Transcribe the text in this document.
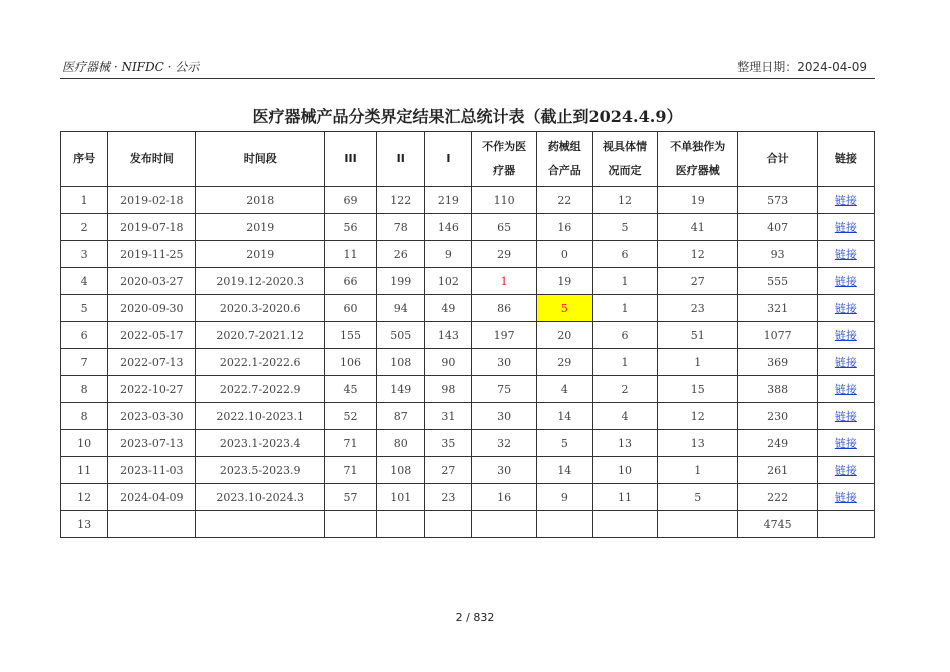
医疗器械 · NIFDC · 公示	整理日期：2024-04-09
医疗器械产品分类界定结果汇总统计表（截止到2024.4.9）
序号	发布时间	时间段	III	II	I	不作为医疗器	药械组合产品	视具体情况而定	不单独作为医疗器械	合计	链接
1	2019-02-18	2018	69	122	219	110	22	12	19	573	链接
2	2019-07-18	2019	56	78	146	65	16	5	41	407	链接
3	2019-11-25	2019	11	26	9	29	0	6	12	93	链接
4	2020-03-27	2019.12-2020.3	66	199	102	1	19	1	27	555	链接
5	2020-09-30	2020.3-2020.6	60	94	49	86	5	1	23	321	链接
6	2022-05-17	2020.7-2021.12	155	505	143	197	20	6	51	1077	链接
7	2022-07-13	2022.1-2022.6	106	108	90	30	29	1	1	369	链接
8	2022-10-27	2022.7-2022.9	45	149	98	75	4	2	15	388	链接
8	2023-03-30	2022.10-2023.1	52	87	31	30	14	4	12	230	链接
10	2023-07-13	2023.1-2023.4	71	80	35	32	5	13	13	249	链接
11	2023-11-03	2023.5-2023.9	71	108	27	30	14	10	1	261	链接
12	2024-04-09	2023.10-2024.3	57	101	23	16	9	11	5	222	链接
13										4745	
2 / 832
